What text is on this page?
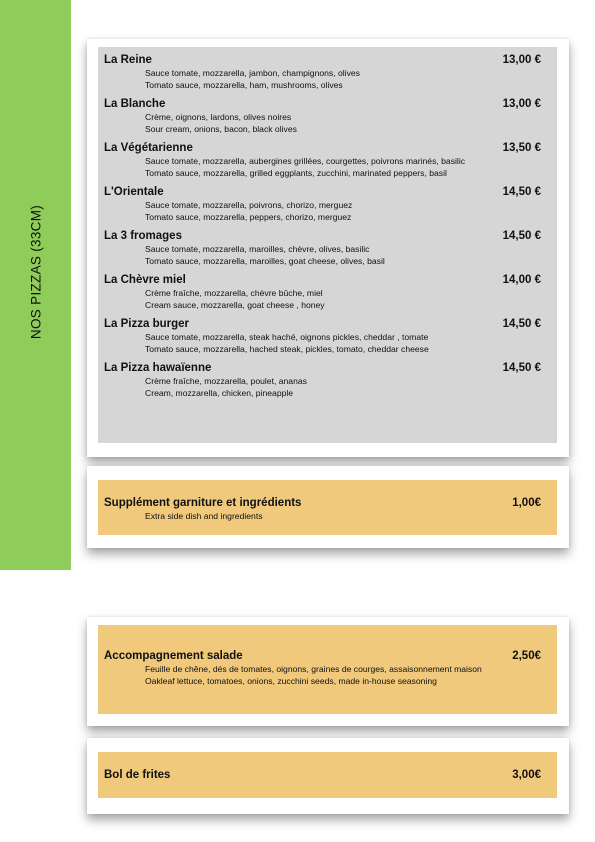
NOS PIZZAS (33CM)
La Reine	13,00 €
Sauce tomate, mozzarella, jambon, champignons, olives
Tomato sauce, mozzarella, ham, mushrooms, olives
La Blanche	13,00 €
Crème, oignons, lardons, olives noires
Sour cream, onions, bacon, black olives
La Végétarienne	13,50 €
Sauce tomate, mozzarella, aubergines grillées, courgettes, poivrons marinés, basilic
Tomato sauce, mozzarella, grilled eggplants, zucchini, marinated peppers, basil
L'Orientale	14,50 €
Sauce tomate, mozzarella, poivrons, chorizo, merguez
Tomato sauce, mozzarella, peppers, chorizo, merguez
La 3 fromages	14,50 €
Sauce tomate, mozzarella, maroilles, chèvre, olives, basilic
Tomato sauce, mozzarella, maroilles, goat cheese, olives, basil
La Chèvre miel	14,00 €
Crème fraîche, mozzarella, chèvre bûche, miel
Cream sauce, mozzarella, goat cheese , honey
La Pizza burger	14,50 €
Sauce tomate, mozzarella, steak haché, oignons pickles, cheddar , tomate
Tomato sauce, mozzarella, hached steak, pickles, tomato, cheddar cheese
La Pizza hawaïenne	14,50 €
Crème fraîche, mozzarella, poulet, ananas
Cream, mozzarella, chicken, pineapple
Supplément garniture et ingrédients	1,00€
Extra side dish and ingredients
Accompagnement salade	2,50€
Feuille de chêne, dés de tomates, oignons, graines de courges, assaisonnement maison
Oakleaf lettuce, tomatoes, onions, zucchini seeds, made in-house seasoning
Bol de frites	3,00€
